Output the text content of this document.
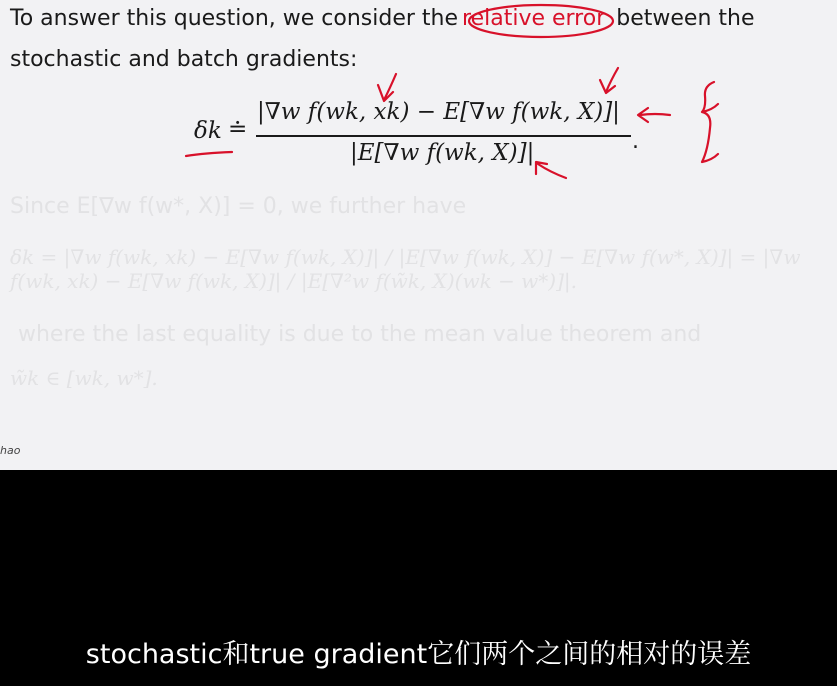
To answer this question, we consider the relative error between the
stochastic and batch gradients:
δk ≐
|∇w f(wk, xk) − E[∇w f(wk, X)]|
|E[∇w f(wk, X)]|	.
Since E[∇w f(w*, X)] = 0, we further have
δk = |∇w f(wk, xk) − E[∇w f(wk, X)]| / |E[∇w f(wk, X)] − E[∇w f(w*, X)]| = |∇w f(wk, xk) − E[∇w f(wk, X)]| / |E[∇²w f(w̃k, X)(wk − w*)]|.
where the last equality is due to the mean value theorem and
w̃k ∈ [wk, w*].
hao
stochastic和true gradient它们两个之间的相对的误差
